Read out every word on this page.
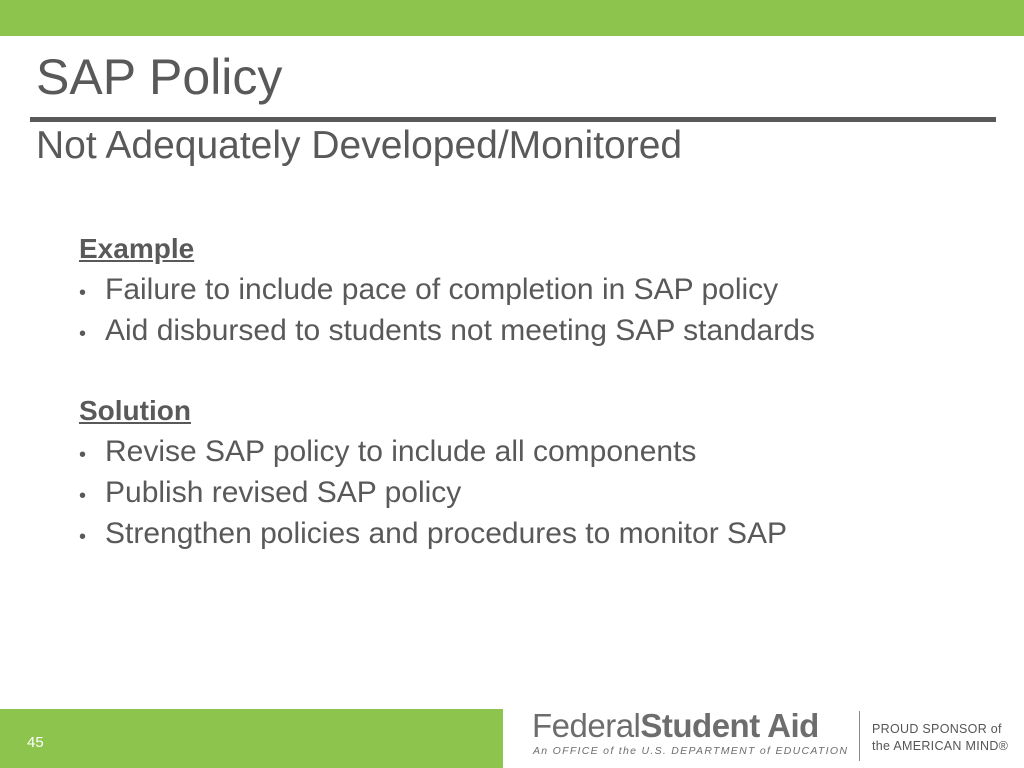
SAP Policy
Not Adequately Developed/Monitored
Example
• Failure to include pace of completion in SAP policy
• Aid disbursed to students not meeting SAP standards
Solution
• Revise SAP policy to include all components
• Publish revised SAP policy
• Strengthen policies and procedures to monitor SAP
45	FederalStudent Aid
An OFFICE of the U.S. DEPARTMENT of EDUCATION
PROUD SPONSOR of
the AMERICAN MIND®
